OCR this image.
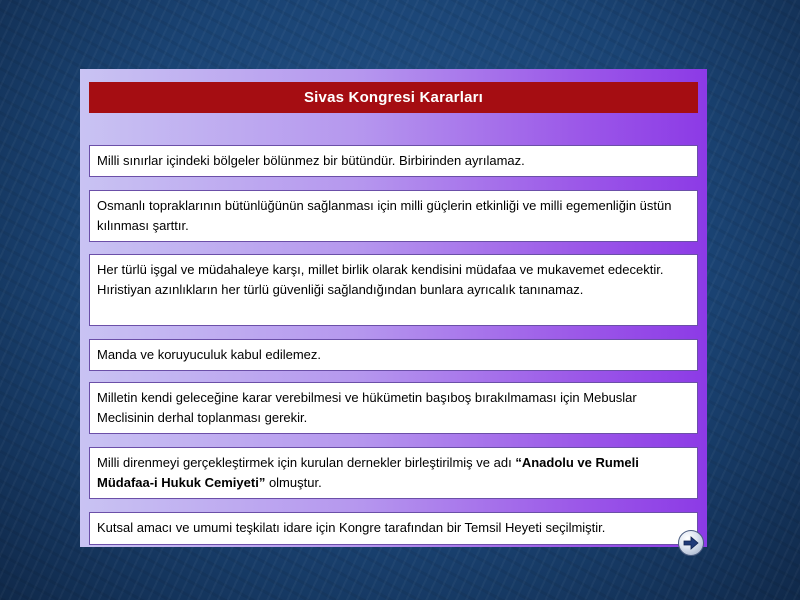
Sivas Kongresi Kararları
Milli sınırlar içindeki bölgeler bölünmez bir bütündür. Birbirinden ayrılamaz.
Osmanlı topraklarının bütünlüğünün sağlanması için milli güçlerin etkinliği ve milli egemenliğin üstün kılınması şarttır.
Her türlü işgal ve müdahaleye karşı, millet birlik olarak kendisini müdafaa ve mukavemet edecektir. Hıristiyan azınlıkların her türlü güvenliği sağlandığından bunlara ayrıcalık tanınamaz.
Manda ve koruyuculuk kabul edilemez.
Milletin kendi geleceğine karar verebilmesi ve hükümetin başıboş bırakılmaması için Mebuslar Meclisinin derhal toplanması gerekir.
Milli direnmeyi gerçekleştirmek için kurulan dernekler birleştirilmiş ve adı “Anadolu ve Rumeli Müdafaa-i Hukuk Cemiyeti” olmuştur.
Kutsal amacı ve umumi teşkilatı idare için Kongre tarafından bir Temsil Heyeti seçilmiştir.
